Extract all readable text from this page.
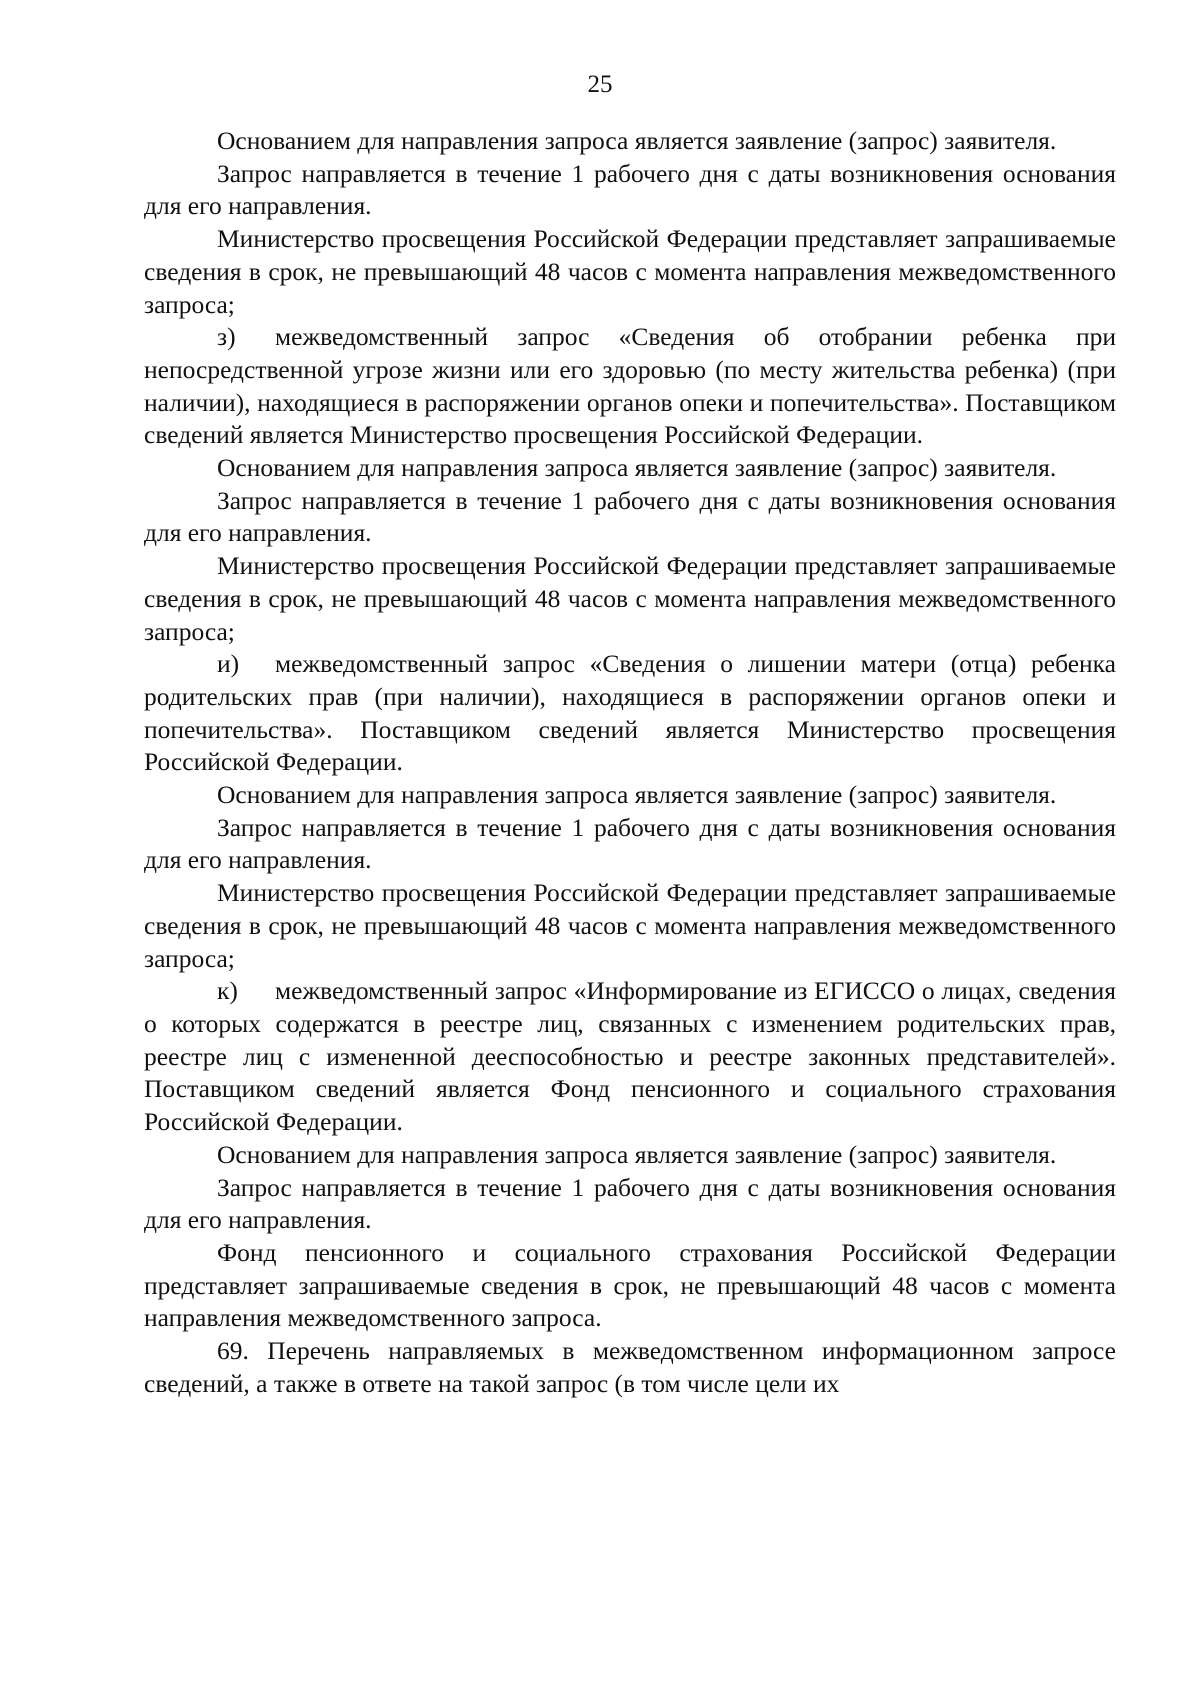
25

Основанием для направления запроса является заявление (запрос) заявителя.

Запрос направляется в течение 1 рабочего дня с даты возникновения основания для его направления.

Министерство просвещения Российской Федерации представляет запрашиваемые сведения в срок, не превышающий 48 часов с момента направления межведомственного запроса;

з) межведомственный запрос «Сведения об отобрании ребенка при непосредственной угрозе жизни или его здоровью (по месту жительства ребенка) (при наличии), находящиеся в распоряжении органов опеки и попечительства». Поставщиком сведений является Министерство просвещения Российской Федерации.

Основанием для направления запроса является заявление (запрос) заявителя.

Запрос направляется в течение 1 рабочего дня с даты возникновения основания для его направления.

Министерство просвещения Российской Федерации представляет запрашиваемые сведения в срок, не превышающий 48 часов с момента направления межведомственного запроса;

и) межведомственный запрос «Сведения о лишении матери (отца) ребенка родительских прав (при наличии), находящиеся в распоряжении органов опеки и попечительства». Поставщиком сведений является Министерство просвещения Российской Федерации.

Основанием для направления запроса является заявление (запрос) заявителя.

Запрос направляется в течение 1 рабочего дня с даты возникновения основания для его направления.

Министерство просвещения Российской Федерации представляет запрашиваемые сведения в срок, не превышающий 48 часов с момента направления межведомственного запроса;

к) межведомственный запрос «Информирование из ЕГИССО о лицах, сведения о которых содержатся в реестре лиц, связанных с изменением родительских прав, реестре лиц с измененной дееспособностью и реестре законных представителей». Поставщиком сведений является Фонд пенсионного и социального страхования Российской Федерации.

Основанием для направления запроса является заявление (запрос) заявителя.

Запрос направляется в течение 1 рабочего дня с даты возникновения основания для его направления.

Фонд пенсионного и социального страхования Российской Федерации представляет запрашиваемые сведения в срок, не превышающий 48 часов с момента направления межведомственного запроса.

69. Перечень направляемых в межведомственном информационном запросе сведений, а также в ответе на такой запрос (в том числе цели их
